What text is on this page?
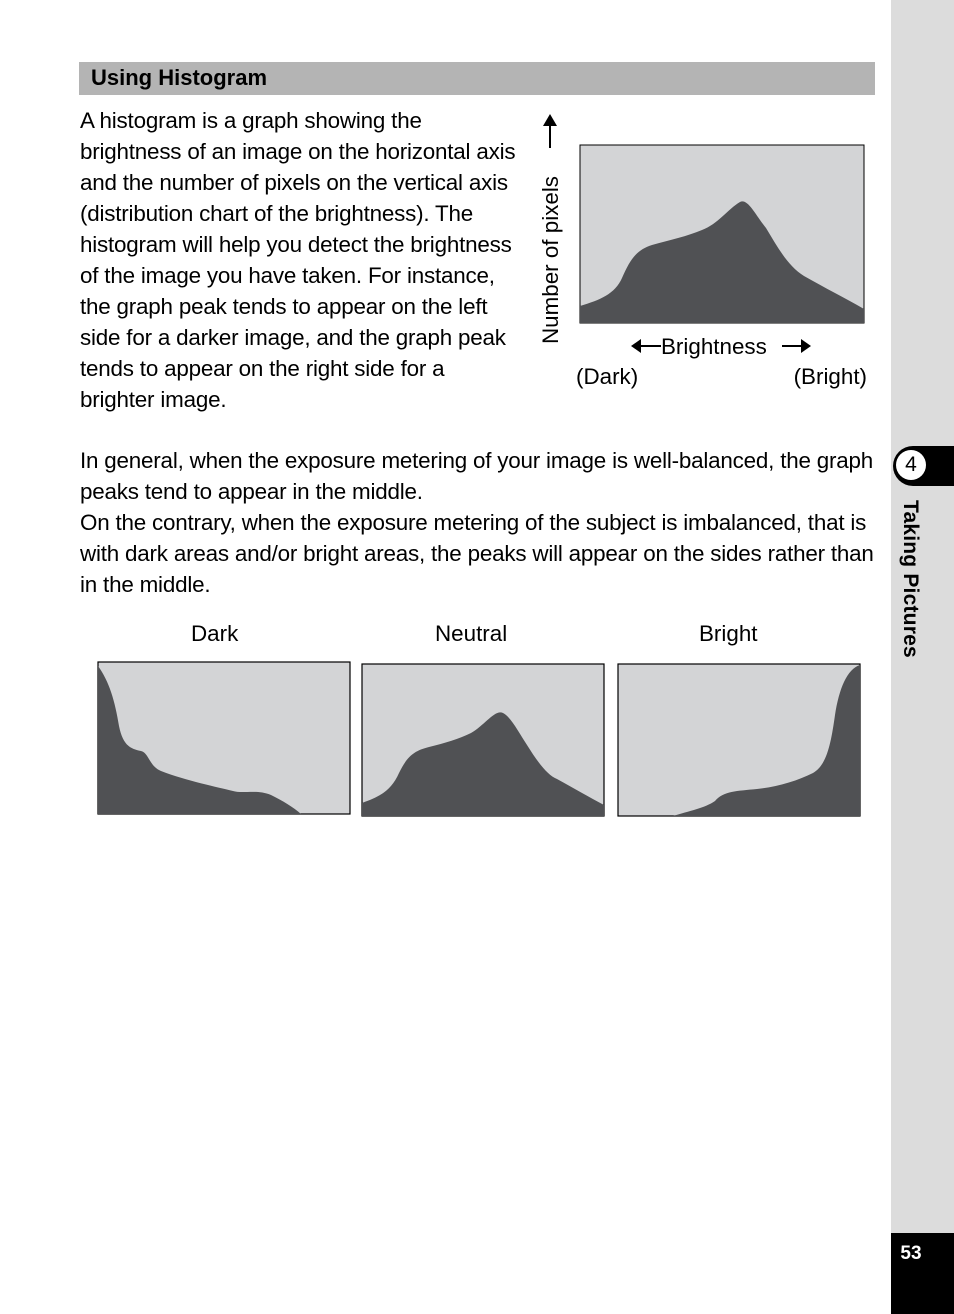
4
Taking Pictures
53
Using Histogram
A histogram is a graph showing the brightness of an image on the horizontal axis and the number of pixels on the vertical axis (distribution chart of the brightness). The histogram will help you detect the brightness of the image you have taken. For instance, the graph peak tends to appear on the left side for a darker image, and the graph peak tends to appear on the right side for a brighter image.
Number of pixels
Brightness
(Dark)	(Bright)

In general, when the exposure metering of your image is well-balanced, the graph peaks tend to appear in the middle.

On the contrary, when the exposure metering of the subject is imbalanced, that is with dark areas and/or bright areas, the peaks will appear on the sides rather than in the middle.

Dark	Neutral	Bright
